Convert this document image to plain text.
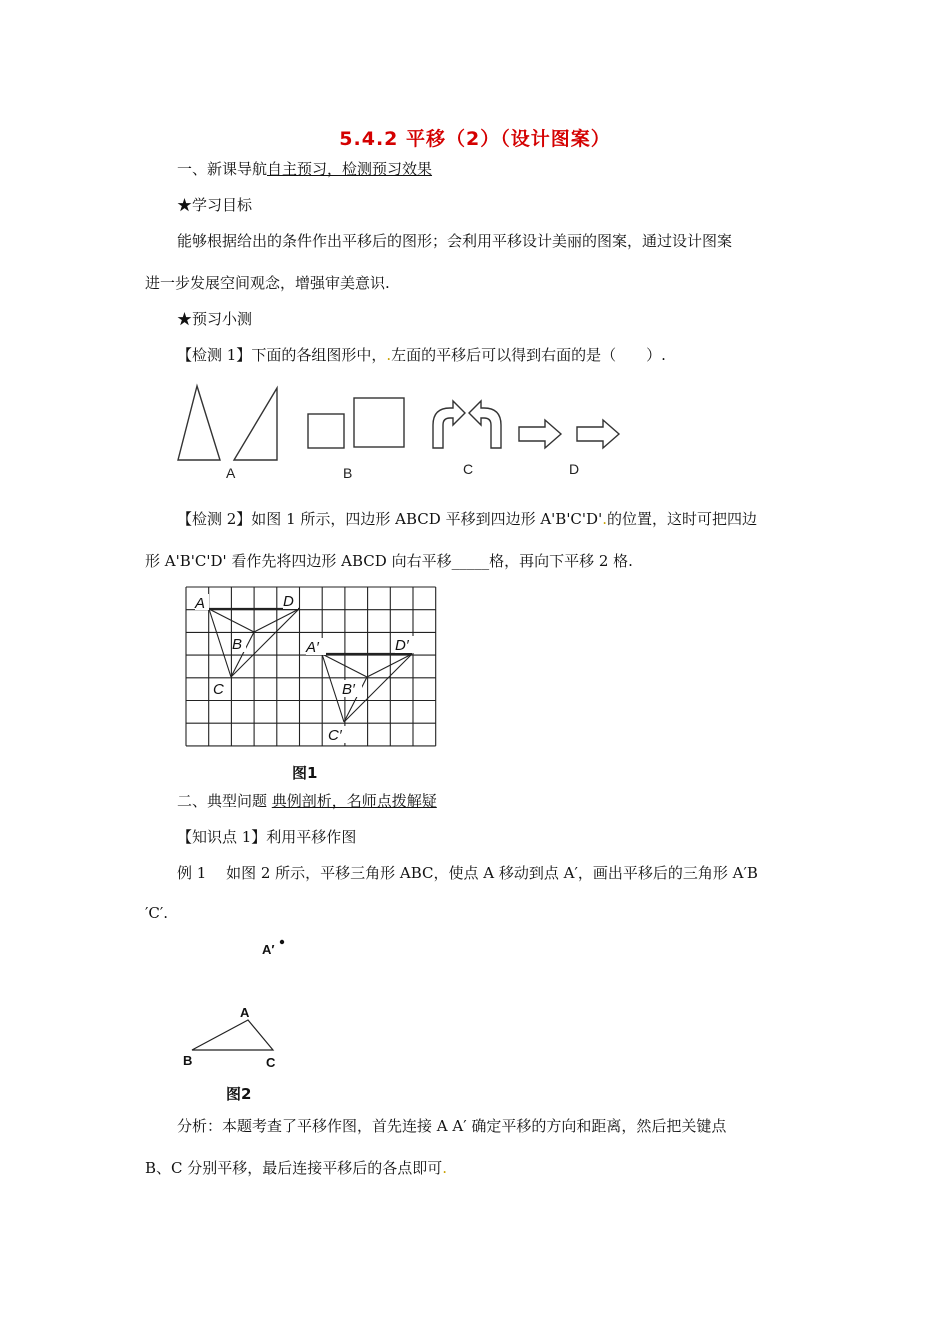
5.4.2 平移（2）（设计图案）
一、新课导航自主预习，检测预习效果
★学习目标
能够根据给出的条件作出平移后的图形；会利用平移设计美丽的图案，通过设计图案
进一步发展空间观念，增强审美意识.
★预习小测
【检测 1】下面的各组图形中，.左面的平移后可以得到右面的是（　　）.
A	B	C	D
【检测 2】如图 1 所示，四边形 ABCD 平移到四边形 A'B'C'D'.的位置，这时可把四边
形 A'B'C'D' 看作先将四边形 ABCD 向右平移_____格，再向下平移 2 格.
A	D
B
C
A′	D′
B′
C′
图1
二、典型问题 典例剖析，名师点拨解疑
【知识点 1】利用平移作图
例 1　 如图 2 所示，平移三角形 ABC，使点 A 移动到点 A′，画出平移后的三角形 A′B
′C′.
A′
A
B	C
图2
分析：本题考查了平移作图，首先连接 A A′ 确定平移的方向和距离，然后把关键点
B、C 分别平移，最后连接平移后的各点即可.
